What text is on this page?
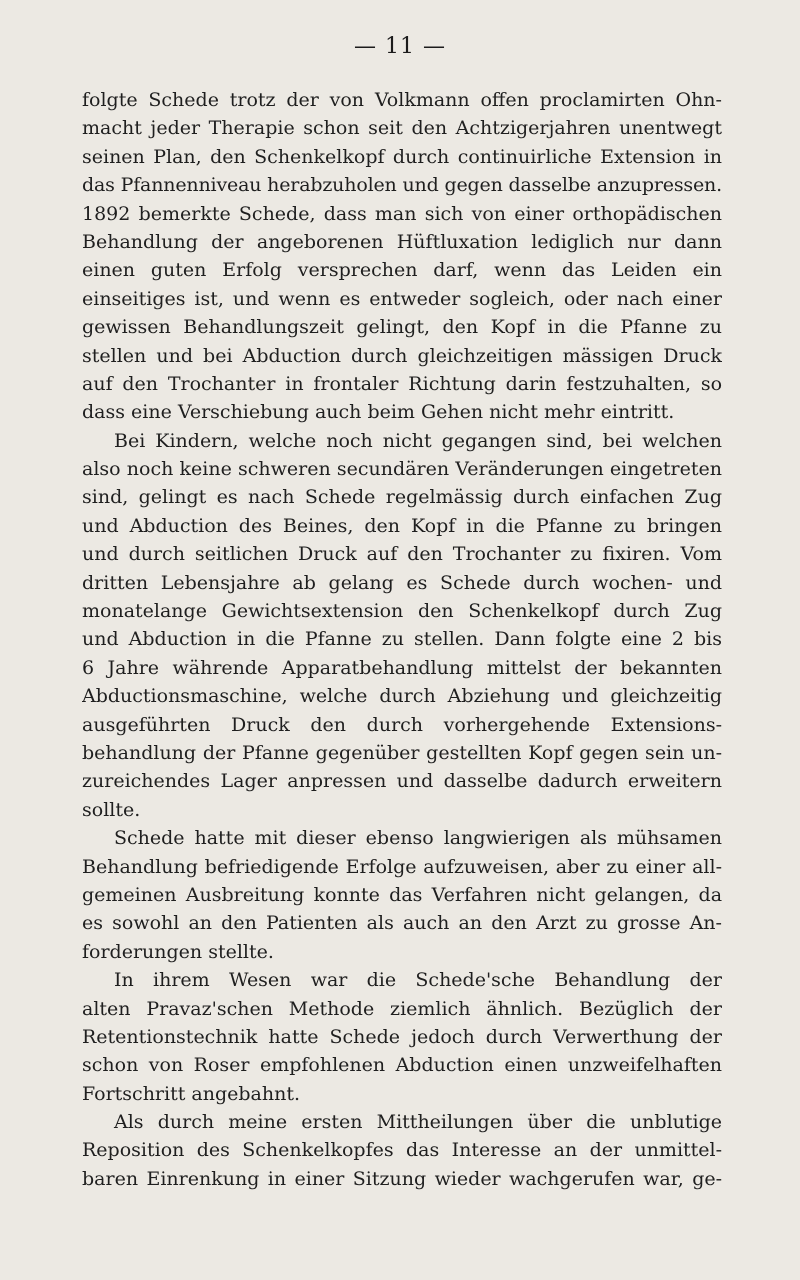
— 11 —
folgte Schede trotz der von Volkmann offen proclamirten Ohn-
macht jeder Therapie schon seit den Achtzigerjahren unentwegt
seinen Plan, den Schenkelkopf durch continuirliche Extension in
das Pfannenniveau herabzuholen und gegen dasselbe anzupressen.
1892 bemerkte Schede, dass man sich von einer orthopädischen
Behandlung der angeborenen Hüftluxation lediglich nur dann
einen guten Erfolg versprechen darf, wenn das Leiden ein
einseitiges ist, und wenn es entweder sogleich, oder nach einer
gewissen Behandlungszeit gelingt, den Kopf in die Pfanne zu
stellen und bei Abduction durch gleichzeitigen mässigen Druck
auf den Trochanter in frontaler Richtung darin festzuhalten, so
dass eine Verschiebung auch beim Gehen nicht mehr eintritt.
Bei Kindern, welche noch nicht gegangen sind, bei welchen
also noch keine schweren secundären Veränderungen eingetreten
sind, gelingt es nach Schede regelmässig durch einfachen Zug
und Abduction des Beines, den Kopf in die Pfanne zu bringen
und durch seitlichen Druck auf den Trochanter zu fixiren. Vom
dritten Lebensjahre ab gelang es Schede durch wochen- und
monatelange Gewichtsextension den Schenkelkopf durch Zug
und Abduction in die Pfanne zu stellen. Dann folgte eine 2 bis
6 Jahre währende Apparatbehandlung mittelst der bekannten
Abductionsmaschine, welche durch Abziehung und gleichzeitig
ausgeführten Druck den durch vorhergehende Extensions-
behandlung der Pfanne gegenüber gestellten Kopf gegen sein un-
zureichendes Lager anpressen und dasselbe dadurch erweitern
sollte.
Schede hatte mit dieser ebenso langwierigen als mühsamen
Behandlung befriedigende Erfolge aufzuweisen, aber zu einer all-
gemeinen Ausbreitung konnte das Verfahren nicht gelangen, da
es sowohl an den Patienten als auch an den Arzt zu grosse An-
forderungen stellte.
In ihrem Wesen war die Schede'sche Behandlung der
alten Pravaz'schen Methode ziemlich ähnlich. Bezüglich der
Retentionstechnik hatte Schede jedoch durch Verwerthung der
schon von Roser empfohlenen Abduction einen unzweifelhaften
Fortschritt angebahnt.
Als durch meine ersten Mittheilungen über die unblutige
Reposition des Schenkelkopfes das Interesse an der unmittel-
baren Einrenkung in einer Sitzung wieder wachgerufen war, ge-
